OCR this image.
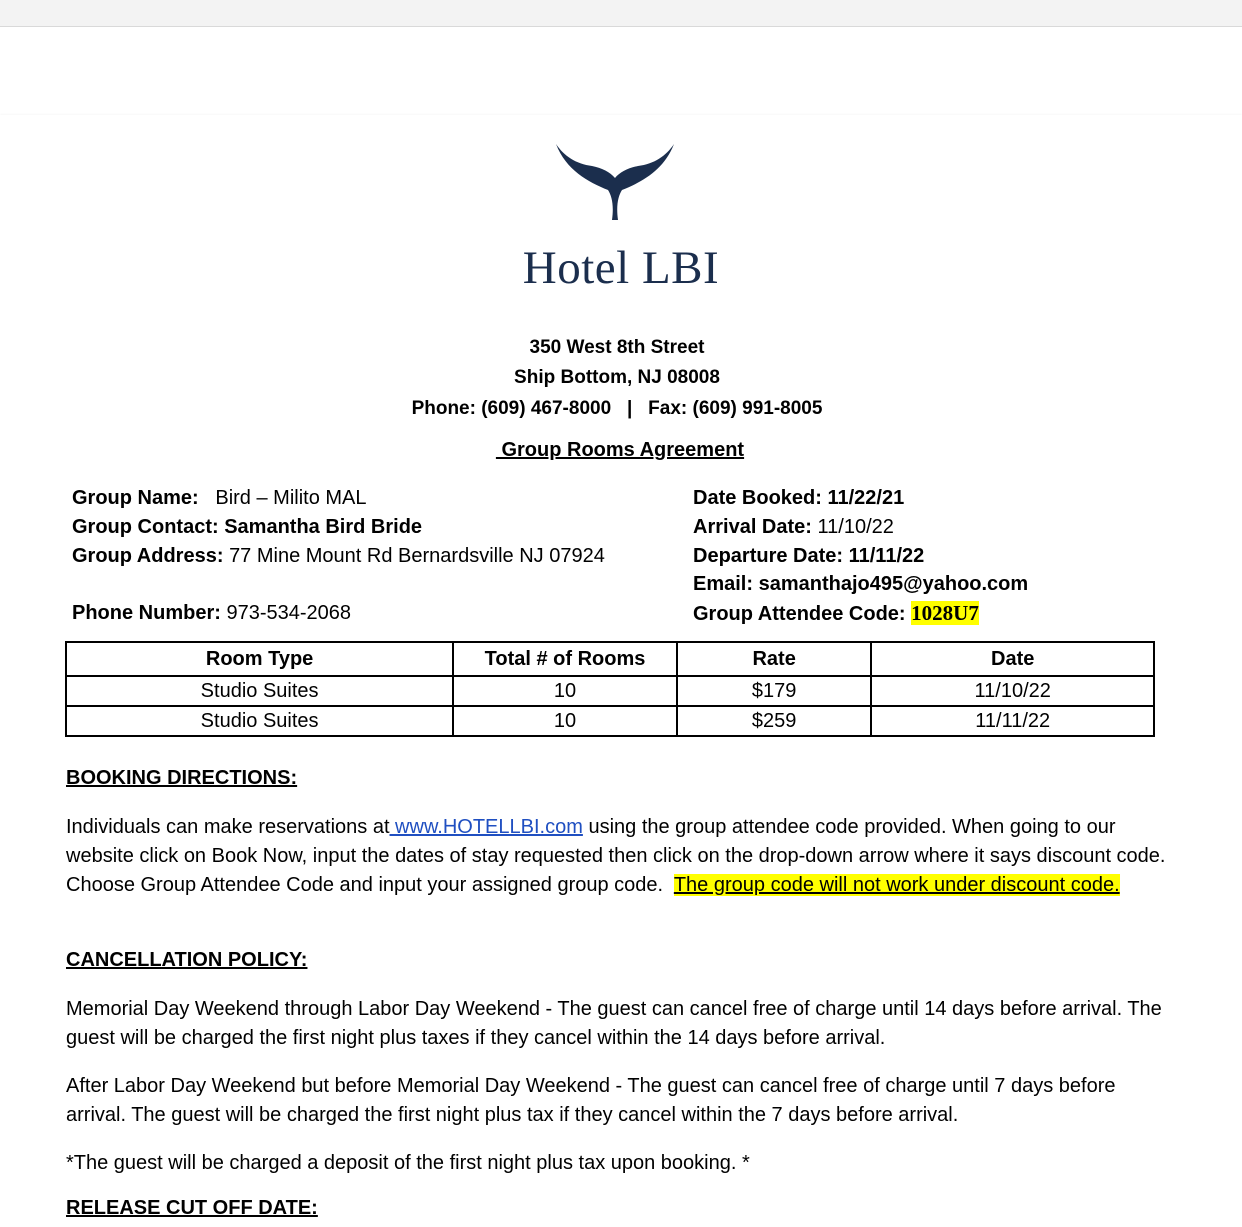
Hotel LBI
350 West 8th Street
Ship Bottom, NJ 08008
Phone: (609) 467-8000   |   Fax: (609) 991-8005
Group Rooms Agreement
Group Name: Bird – Milito MAL
Group Contact: Samantha Bird Bride
Group Address: 77 Mine Mount Rd Bernardsville NJ 07924
Phone Number: 973-534-2068
Date Booked: 11/22/21
Arrival Date: 11/10/22
Departure Date: 11/11/22
Email: samanthajo495@yahoo.com
Group Attendee Code: 1028U7
Room Type	Total # of Rooms	Rate	Date
Studio Suites	10	$179	11/10/22
Studio Suites	10	$259	11/11/22
BOOKING DIRECTIONS:
Individuals can make reservations at www.HOTELLBI.com using the group attendee code provided. When going to our website click on Book Now, input the dates of stay requested then click on the drop-down arrow where it says discount code.  Choose Group Attendee Code and input your assigned group code.  The group code will not work under discount code.
CANCELLATION POLICY:
Memorial Day Weekend through Labor Day Weekend - The guest can cancel free of charge until 14 days before arrival. The guest will be charged the first night plus taxes if they cancel within the 14 days before arrival.
After Labor Day Weekend but before Memorial Day Weekend - The guest can cancel free of charge until 7 days before arrival. The guest will be charged the first night plus tax if they cancel within the 7 days before arrival.
*The guest will be charged a deposit of the first night plus tax upon booking. *
RELEASE CUT OFF DATE:
